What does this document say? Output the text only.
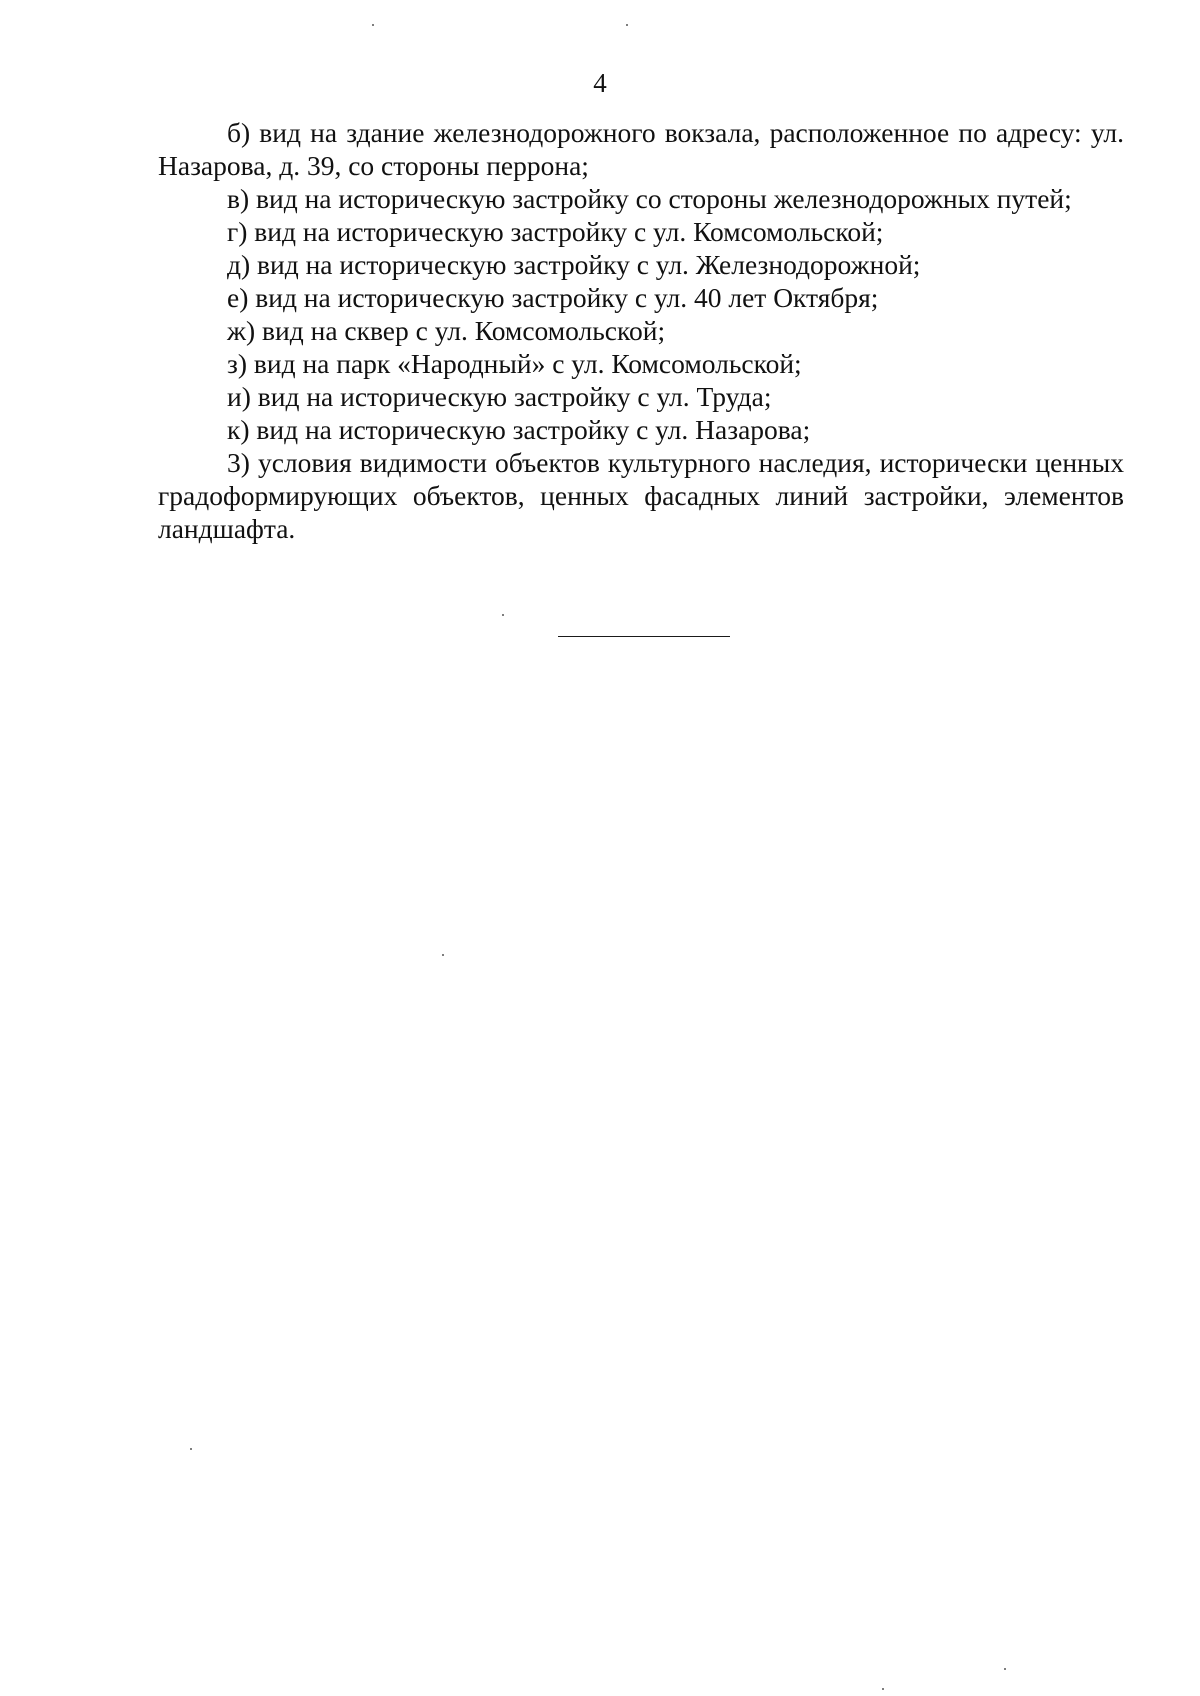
4

б) вид на здание железнодорожного вокзала, расположенное по адресу: ул. Назарова, д. 39, со стороны перрона;

в) вид на историческую застройку со стороны железнодорожных путей;

г) вид на историческую застройку с ул. Комсомольской;

д) вид на историческую застройку с ул. Железнодорожной;

е) вид на историческую застройку с ул. 40 лет Октября;

ж) вид на сквер с ул. Комсомольской;

з) вид на парк «Народный» с ул. Комсомольской;

и) вид на историческую застройку с ул. Труда;

к) вид на историческую застройку с ул. Назарова;

3) условия видимости объектов культурного наследия, исторически ценных градоформирующих объектов, ценных фасадных линий застройки, элементов ландшафта.
